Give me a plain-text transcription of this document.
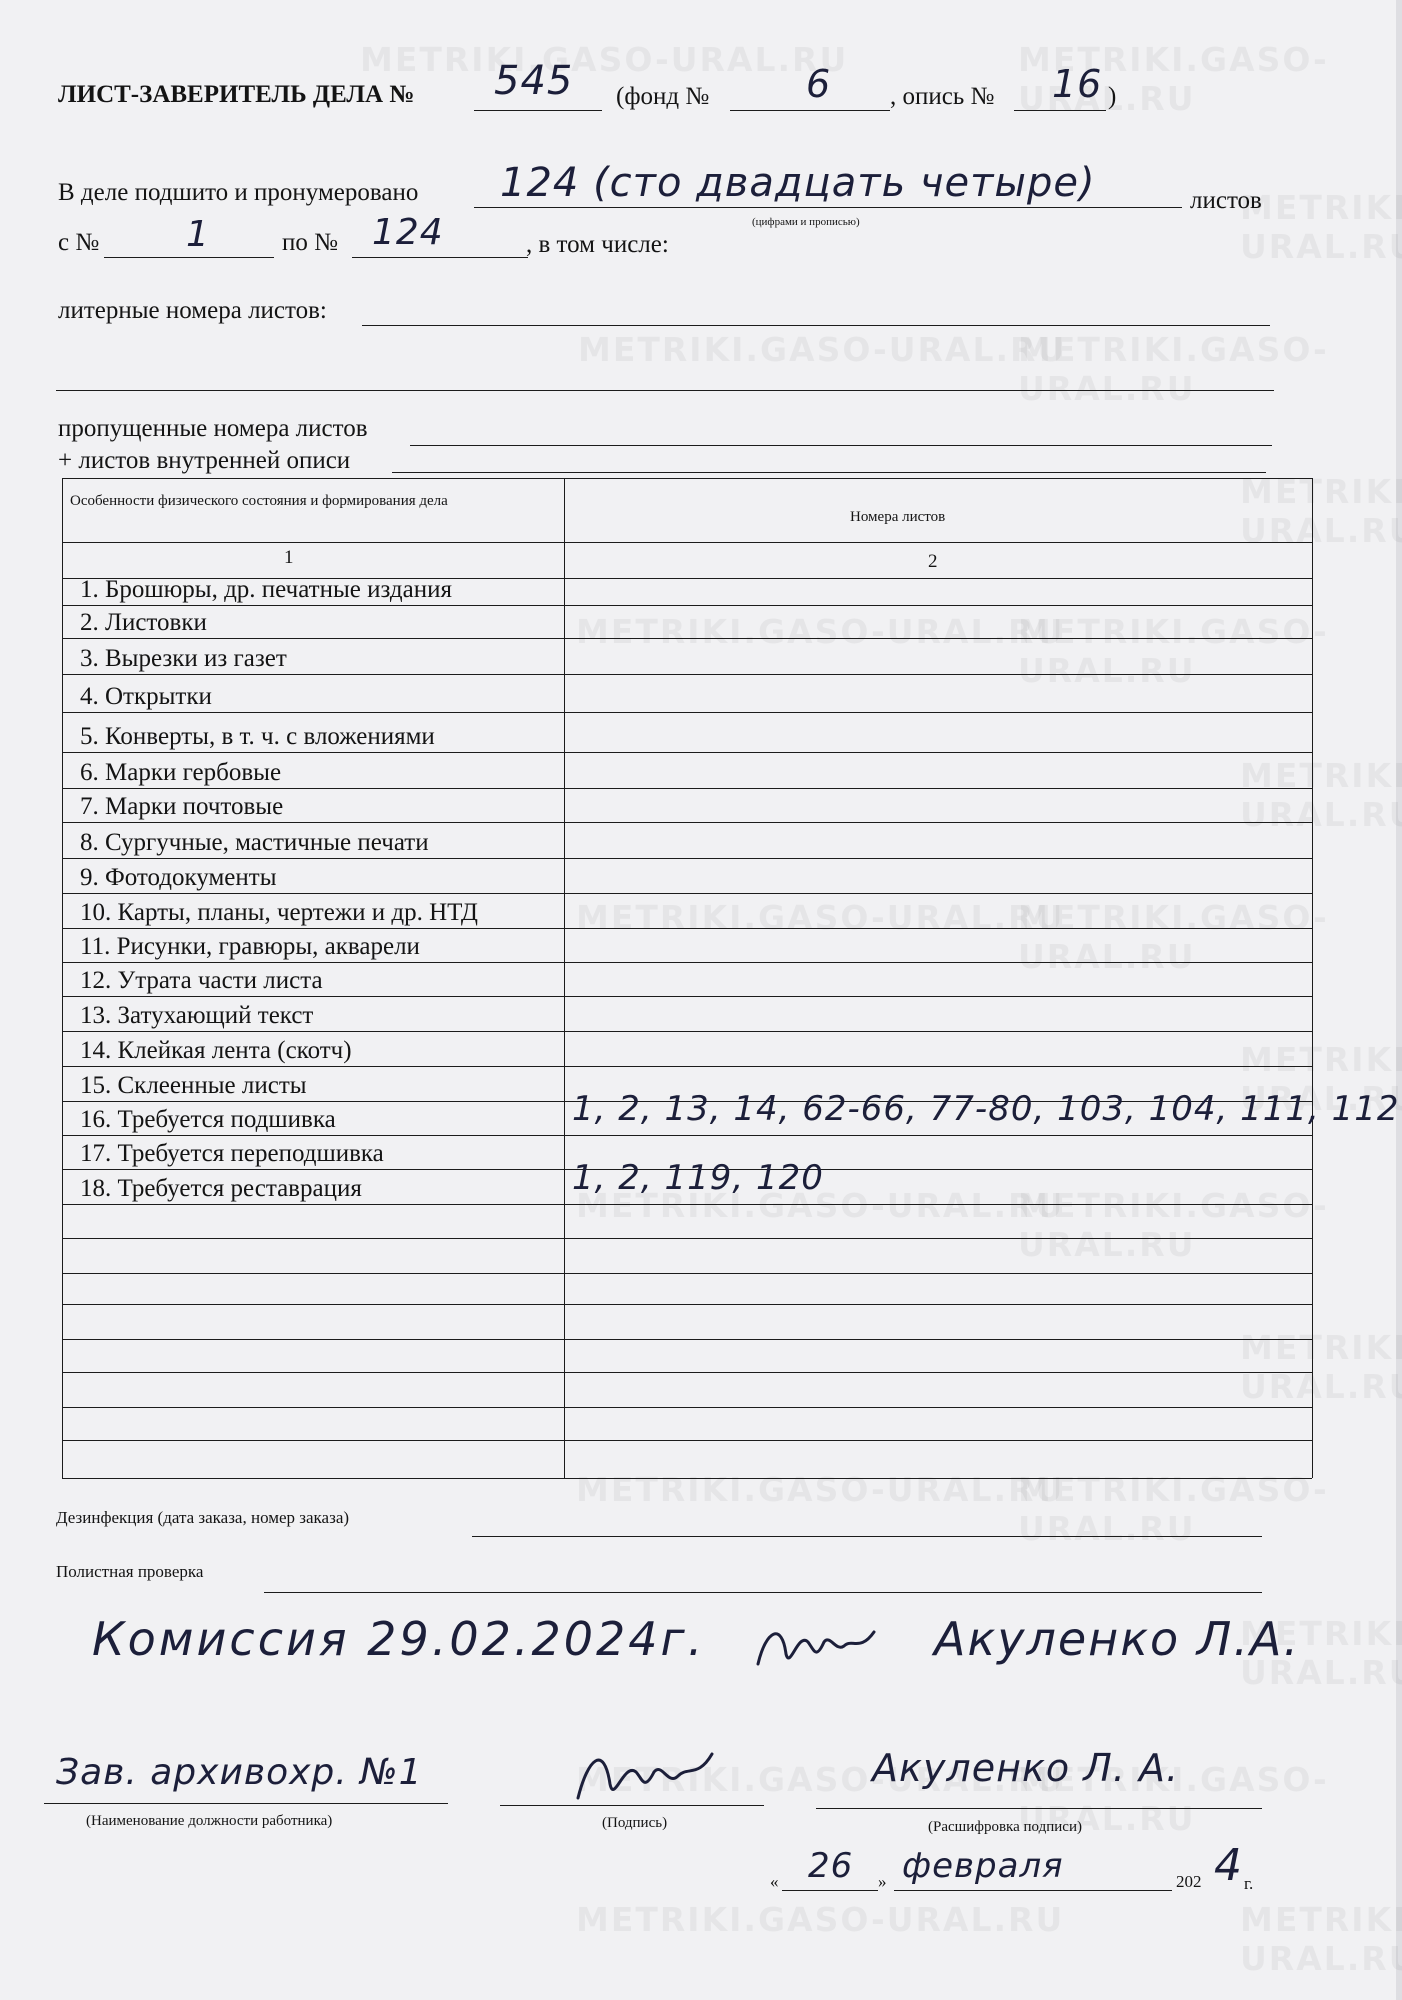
ЛИСТ-ЗАВЕРИТЕЛЬ ДЕЛА № 545 (фонд №	6 , опись № 16 )
В деле подшито и пронумеровано 124 (сто двадцать четыре)
(цифрами и прописью)
листов
с № 1	по № 124	, в том числе:
литерные номера листов:
пропущенные номера листов
+ листов внутренней описи
Особенности физического состояния и формирования дела
Номера листов
1	2
1. Брошюры, др. печатные издания
2. Листовки
3. Вырезки из газет
4. Открытки
5. Конверты, в т. ч. с вложениями
6. Марки гербовые
7. Марки почтовые
8. Сургучные, мастичные печати
9. Фотодокументы
10. Карты, планы, чертежи и др. НТД
11. Рисунки, гравюры, акварели
12. Утрата части листа
13. Затухающий текст
14. Клейкая лента (скотч)
15. Склеенные листы
16. Требуется подшивка	1, 2, 13, 14, 62-66, 77-80, 103, 104, 111, 112
17. Требуется переподшивка
18. Требуется реставрация	1, 2, 119, 120
Дезинфекция (дата заказа, номер заказа)
Полистная проверка
Комиссия 29.02.2024г.	Акуленко Л.А.
Зав. архивохр. №1
(Наименование должности работника)	(Подпись)
Акуленко Л. А.
(Расшифровка подписи)
« 26 » февраля	202 4 г.
